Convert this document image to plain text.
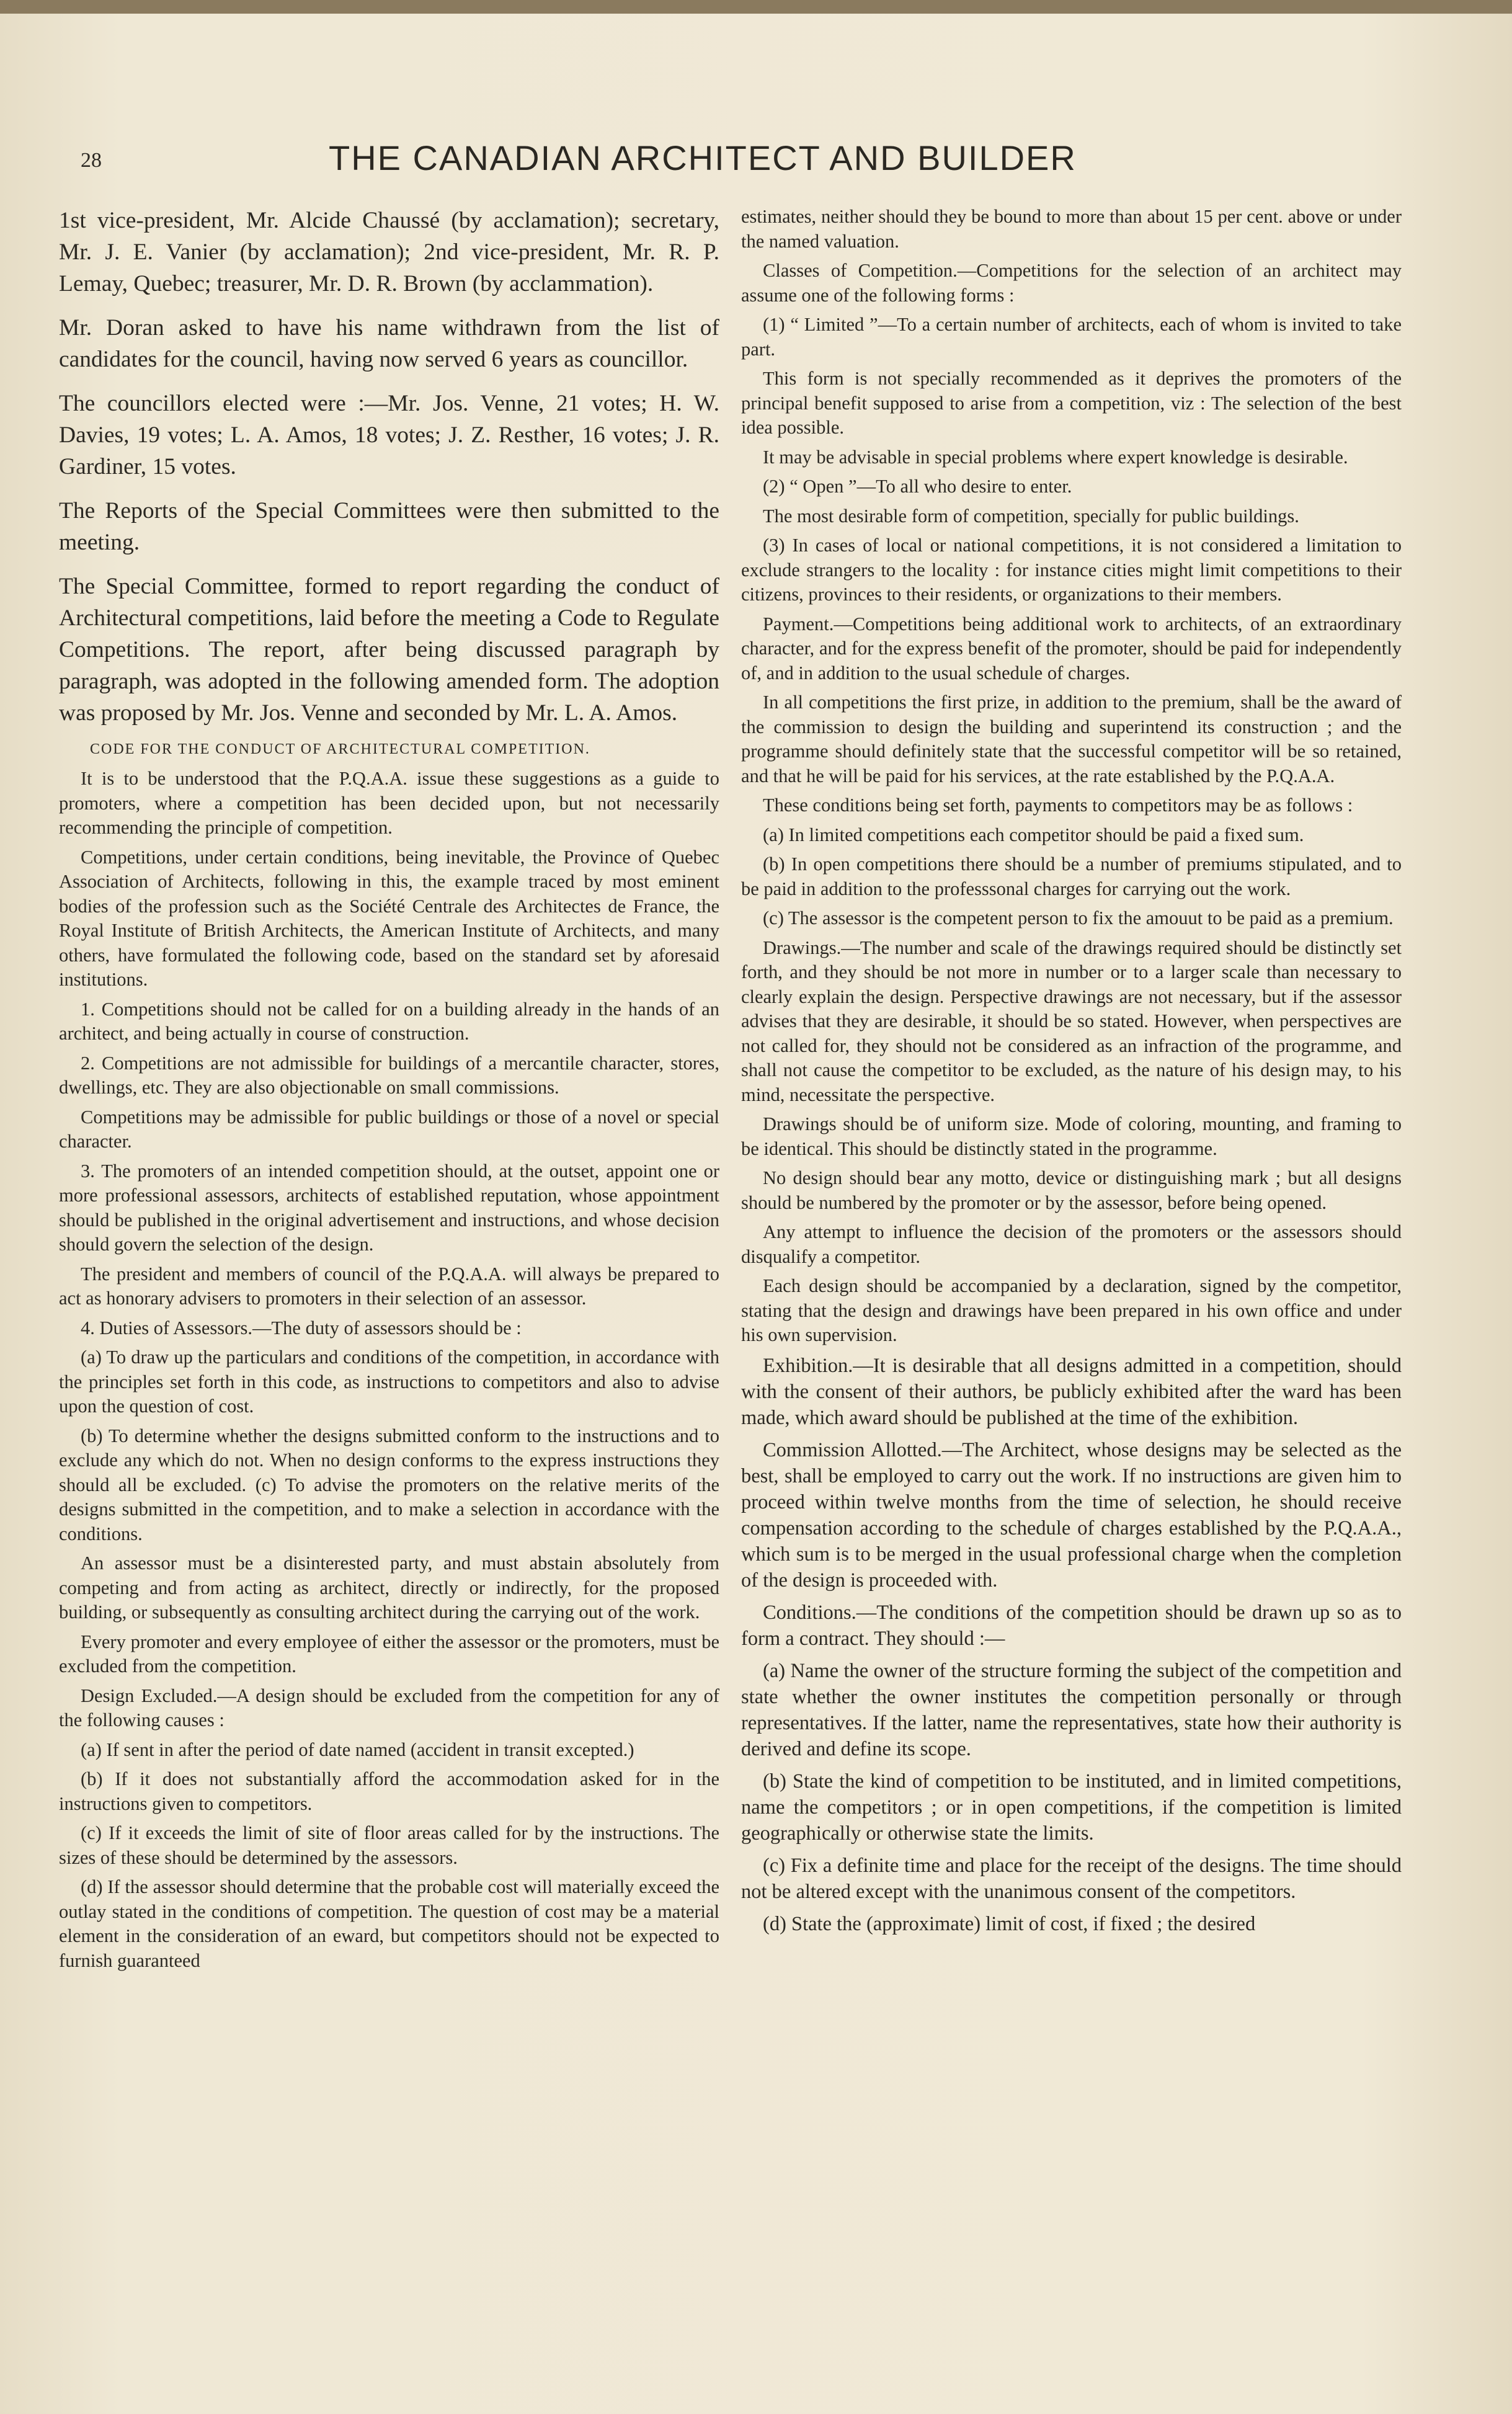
28	THE CANADIAN ARCHITECT AND BUILDER

1st vice-president, Mr. Alcide Chaussé (by acclamation); secretary, Mr. J. E. Vanier (by acclamation); 2nd vice-president, Mr. R. P. Lemay, Quebec; treasurer, Mr. D. R. Brown (by acclammation).

Mr. Doran asked to have his name withdrawn from the list of candidates for the council, having now served 6 years as councillor.

The councillors elected were :—Mr. Jos. Venne, 21 votes; H. W. Davies, 19 votes; L. A. Amos, 18 votes; J. Z. Resther, 16 votes; J. R. Gardiner, 15 votes.

The Reports of the Special Committees were then submitted to the meeting.

The Special Committee, formed to report regarding the conduct of Architectural competitions, laid before the meeting a Code to Regulate Competitions. The report, after being discussed paragraph by paragraph, was adopted in the following amended form. The adoption was proposed by Mr. Jos. Venne and seconded by Mr. L. A. Amos.

CODE FOR THE CONDUCT OF ARCHITECTURAL COMPETITION.

It is to be understood that the P.Q.A.A. issue these suggestions as a guide to promoters, where a competition has been decided upon, but not necessarily recommending the principle of competition.

Competitions, under certain conditions, being inevitable, the Province of Quebec Association of Architects, following in this, the example traced by most eminent bodies of the profession such as the Société Centrale des Architectes de France, the Royal Institute of British Architects, the American Institute of Architects, and many others, have formulated the following code, based on the standard set by aforesaid institutions.

1. Competitions should not be called for on a building already in the hands of an architect, and being actually in course of construction.

2. Competitions are not admissible for buildings of a mercantile character, stores, dwellings, etc. They are also objectionable on small commissions.

Competitions may be admissible for public buildings or those of a novel or special character.

3. The promoters of an intended competition should, at the outset, appoint one or more professional assessors, architects of established reputation, whose appointment should be published in the original advertisement and instructions, and whose decision should govern the selection of the design.

The president and members of council of the P.Q.A.A. will always be prepared to act as honorary advisers to promoters in their selection of an assessor.

4. Duties of Assessors.—The duty of assessors should be :

(a) To draw up the particulars and conditions of the competition, in accordance with the principles set forth in this code, as instructions to competitors and also to advise upon the question of cost.

(b) To determine whether the designs submitted conform to the instructions and to exclude any which do not. When no design conforms to the express instructions they should all be excluded. (c) To advise the promoters on the relative merits of the designs submitted in the competition, and to make a selection in accordance with the conditions.

An assessor must be a disinterested party, and must abstain absolutely from competing and from acting as architect, directly or indirectly, for the proposed building, or subsequently as consulting architect during the carrying out of the work.

Every promoter and every employee of either the assessor or the promoters, must be excluded from the competition.

Design Excluded.—A design should be excluded from the competition for any of the following causes :

(a) If sent in after the period of date named (accident in transit excepted.)

(b) If it does not substantially afford the accommodation asked for in the instructions given to competitors.

(c) If it exceeds the limit of site of floor areas called for by the instructions. The sizes of these should be determined by the assessors.

(d) If the assessor should determine that the probable cost will materially exceed the outlay stated in the conditions of competition. The question of cost may be a material element in the consideration of an eward, but competitors should not be expected to furnish guaranteed

estimates, neither should they be bound to more than about 15 per cent. above or under the named valuation.

Classes of Competition.—Competitions for the selection of an architect may assume one of the following forms :

(1) “ Limited ”—To a certain number of architects, each of whom is invited to take part.

This form is not specially recommended as it deprives the promoters of the principal benefit supposed to arise from a competition, viz : The selection of the best idea possible.

It may be advisable in special problems where expert knowledge is desirable.

(2) “ Open ”—To all who desire to enter.

The most desirable form of competition, specially for public buildings.

(3) In cases of local or national competitions, it is not considered a limitation to exclude strangers to the locality : for instance cities might limit competitions to their citizens, provinces to their residents, or organizations to their members.

Payment.—Competitions being additional work to architects, of an extraordinary character, and for the express benefit of the promoter, should be paid for independently of, and in addition to the usual schedule of charges.

In all competitions the first prize, in addition to the premium, shall be the award of the commission to design the building and superintend its construction ; and the programme should definitely state that the successful competitor will be so retained, and that he will be paid for his services, at the rate established by the P.Q.A.A.

These conditions being set forth, payments to competitors may be as follows :

(a) In limited competitions each competitor should be paid a fixed sum.

(b) In open competitions there should be a number of premiums stipulated, and to be paid in addition to the professsonal charges for carrying out the work.

(c) The assessor is the competent person to fix the amouut to be paid as a premium.

Drawings.—The number and scale of the drawings required should be distinctly set forth, and they should be not more in number or to a larger scale than necessary to clearly explain the design. Perspective drawings are not necessary, but if the assessor advises that they are desirable, it should be so stated. However, when perspectives are not called for, they should not be considered as an infraction of the programme, and shall not cause the competitor to be excluded, as the nature of his design may, to his mind, necessitate the perspective.

Drawings should be of uniform size. Mode of coloring, mounting, and framing to be identical. This should be distinctly stated in the programme.

No design should bear any motto, device or distinguishing mark ; but all designs should be numbered by the promoter or by the assessor, before being opened.

Any attempt to influence the decision of the promoters or the assessors should disqualify a competitor.

Each design should be accompanied by a declaration, signed by the competitor, stating that the design and drawings have been prepared in his own office and under his own supervision.

Exhibition.—It is desirable that all designs admitted in a competition, should with the consent of their authors, be publicly exhibited after the ward has been made, which award should be published at the time of the exhibition.

Commission Allotted.—The Architect, whose designs may be selected as the best, shall be employed to carry out the work. If no instructions are given him to proceed within twelve months from the time of selection, he should receive compensation according to the schedule of charges established by the P.Q.A.A., which sum is to be merged in the usual professional charge when the completion of the design is proceeded with.

Conditions.—The conditions of the competition should be drawn up so as to form a contract. They should :—

(a) Name the owner of the structure forming the subject of the competition and state whether the owner institutes the competition personally or through representatives. If the latter, name the representatives, state how their authority is derived and define its scope.

(b) State the kind of competition to be instituted, and in limited competitions, name the competitors ; or in open competitions, if the competition is limited geographically or otherwise state the limits.

(c) Fix a definite time and place for the receipt of the designs. The time should not be altered except with the unanimous consent of the competitors.

(d) State the (approximate) limit of cost, if fixed ; the desired
